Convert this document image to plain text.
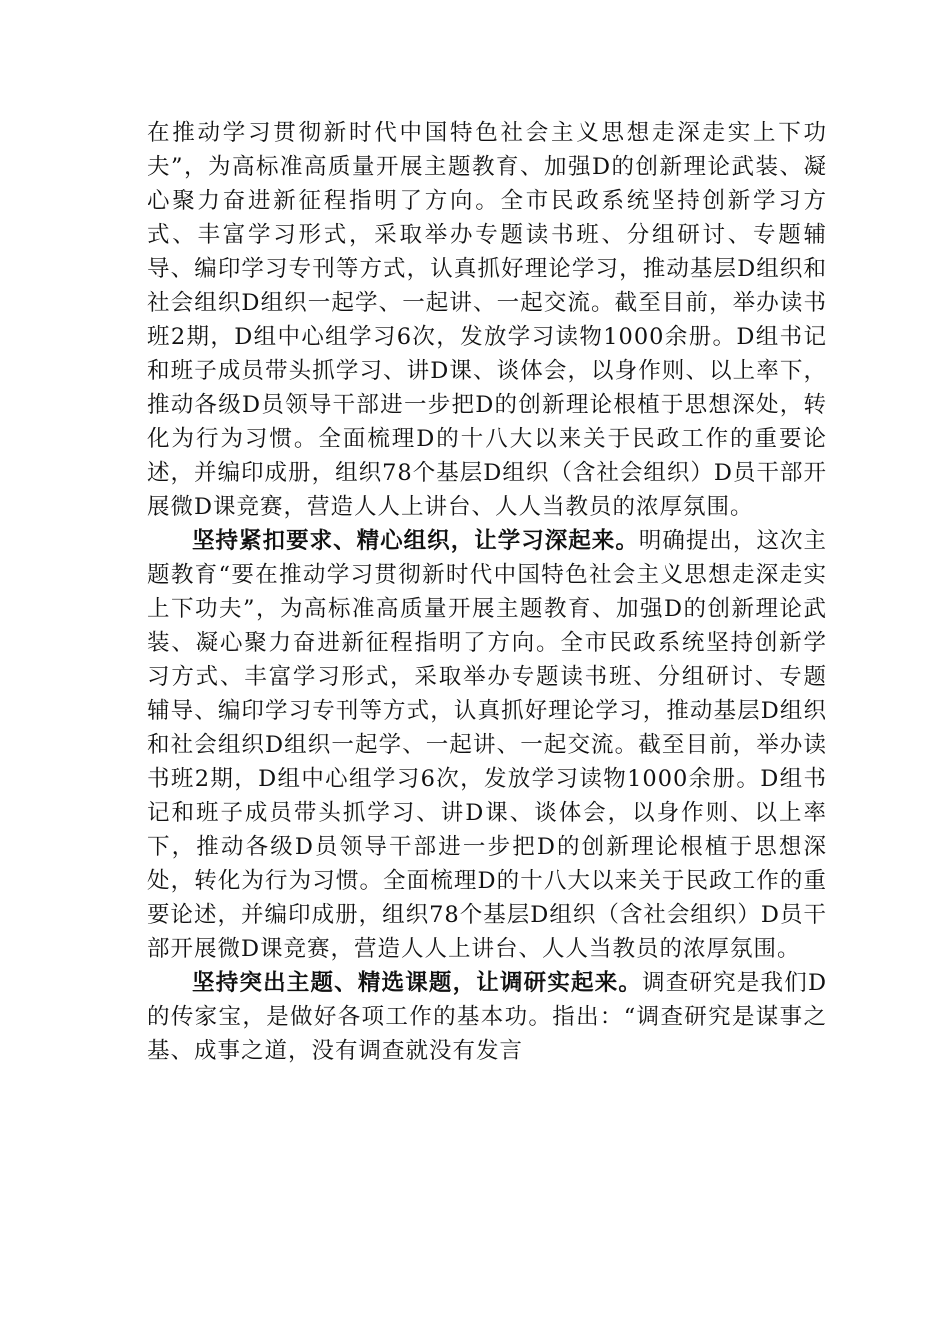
在推动学习贯彻新时代中国特色社会主义思想走深走实上下功夫”，为高标准高质量开展主题教育、加强D的创新理论武装、凝心聚力奋进新征程指明了方向。全市民政系统坚持创新学习方式、丰富学习形式，采取举办专题读书班、分组研讨、专题辅导、编印学习专刊等方式，认真抓好理论学习，推动基层D组织和社会组织D组织一起学、一起讲、一起交流。截至目前，举办读书班2期，D组中心组学习6次，发放学习读物1000余册。D组书记和班子成员带头抓学习、讲D课、谈体会，以身作则、以上率下，推动各级D员领导干部进一步把D的创新理论根植于思想深处，转化为行为习惯。全面梳理D的十八大以来关于民政工作的重要论述，并编印成册，组织78个基层D组织（含社会组织）D员干部开展微D课竞赛，营造人人上讲台、人人当教员的浓厚氛围。

坚持紧扣要求、精心组织，让学习深起来。明确提出，这次主题教育“要在推动学习贯彻新时代中国特色社会主义思想走深走实上下功夫”，为高标准高质量开展主题教育、加强D的创新理论武装、凝心聚力奋进新征程指明了方向。全市民政系统坚持创新学习方式、丰富学习形式，采取举办专题读书班、分组研讨、专题辅导、编印学习专刊等方式，认真抓好理论学习，推动基层D组织和社会组织D组织一起学、一起讲、一起交流。截至目前，举办读书班2期，D组中心组学习6次，发放学习读物1000余册。D组书记和班子成员带头抓学习、讲D课、谈体会，以身作则、以上率下，推动各级D员领导干部进一步把D的创新理论根植于思想深处，转化为行为习惯。全面梳理D的十八大以来关于民政工作的重要论述，并编印成册，组织78个基层D组织（含社会组织）D员干部开展微D课竞赛，营造人人上讲台、人人当教员的浓厚氛围。

坚持突出主题、精选课题，让调研实起来。调查研究是我们D的传家宝，是做好各项工作的基本功。指出：“调查研究是谋事之基、成事之道，没有调查就没有发言
